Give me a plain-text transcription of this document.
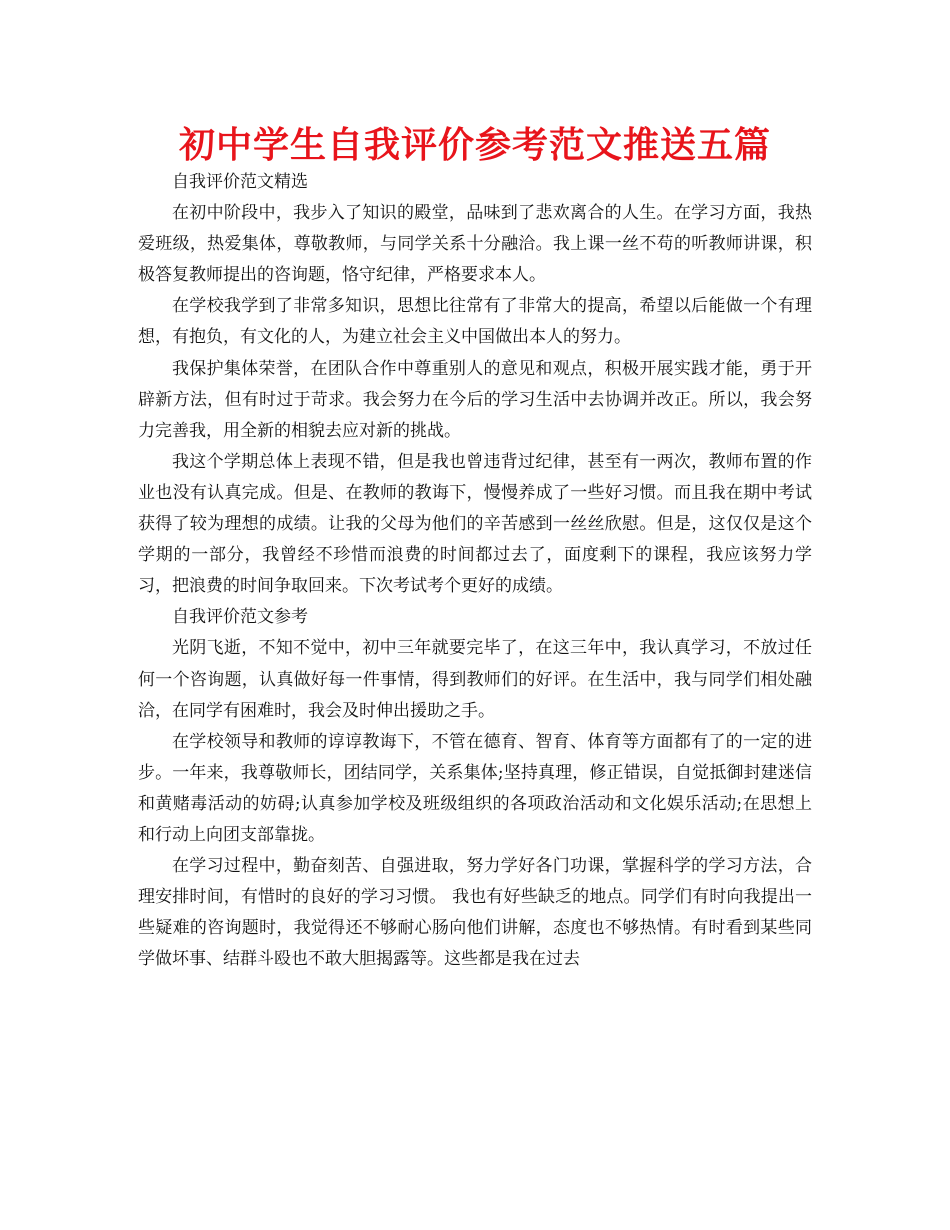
初中学生自我评价参考范文推送五篇

自我评价范文精选

在初中阶段中，我步入了知识的殿堂，品味到了悲欢离合的人生。在学习方面，我热爱班级，热爱集体，尊敬教师，与同学关系十分融洽。我上课一丝不苟的听教师讲课，积极答复教师提出的咨询题，恪守纪律，严格要求本人。

在学校我学到了非常多知识，思想比往常有了非常大的提高，希望以后能做一个有理想，有抱负，有文化的人，为建立社会主义中国做出本人的努力。

我保护集体荣誉，在团队合作中尊重别人的意见和观点，积极开展实践才能，勇于开辟新方法，但有时过于苛求。我会努力在今后的学习生活中去协调并改正。所以，我会努力完善我，用全新的相貌去应对新的挑战。

我这个学期总体上表现不错，但是我也曾违背过纪律，甚至有一两次，教师布置的作业也没有认真完成。但是、在教师的教诲下，慢慢养成了一些好习惯。而且我在期中考试获得了较为理想的成绩。让我的父母为他们的辛苦感到一丝丝欣慰。但是，这仅仅是这个学期的一部分，我曾经不珍惜而浪费的时间都过去了，面度剩下的课程，我应该努力学习，把浪费的时间争取回来。下次考试考个更好的成绩。

自我评价范文参考

光阴飞逝，不知不觉中，初中三年就要完毕了，在这三年中，我认真学习，不放过任何一个咨询题，认真做好每一件事情，得到教师们的好评。在生活中，我与同学们相处融洽，在同学有困难时，我会及时伸出援助之手。

在学校领导和教师的谆谆教诲下，不管在德育、智育、体育等方面都有了的一定的进步。一年来，我尊敬师长，团结同学，关系集体;坚持真理，修正错误，自觉抵御封建迷信和黄赌毒活动的妨碍;认真参加学校及班级组织的各项政治活动和文化娱乐活动;在思想上和行动上向团支部靠拢。

在学习过程中，勤奋刻苦、自强进取，努力学好各门功课，掌握科学的学习方法，合理安排时间，有惜时的良好的学习习惯。 我也有好些缺乏的地点。同学们有时向我提出一些疑难的咨询题时，我觉得还不够耐心肠向他们讲解，态度也不够热情。有时看到某些同学做坏事、结群斗殴也不敢大胆揭露等。这些都是我在过去
